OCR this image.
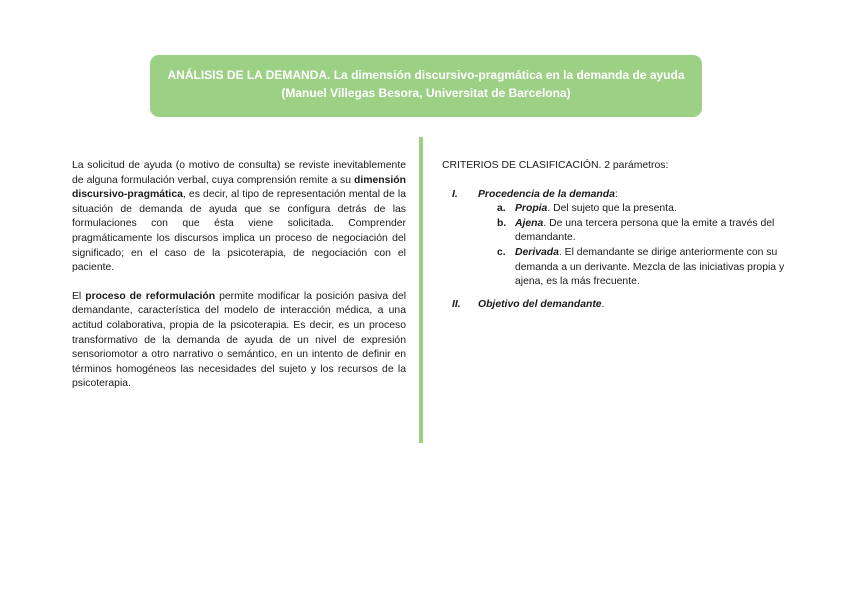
ANÁLISIS DE LA DEMANDA. La dimensión discursivo-pragmática en la demanda de ayuda
(Manuel Villegas Besora, Universitat de Barcelona)

La solicitud de ayuda (o motivo de consulta) se reviste inevitablemente de alguna formulación verbal, cuya comprensión remite a su dimensión discursivo-pragmática, es decir, al tipo de representación mental de la situación de demanda de ayuda que se configura detrás de las formulaciones con que ésta viene solicitada. Comprender pragmáticamente los discursos implica un proceso de negociación del significado; en el caso de la psicoterapia, de negociación con el paciente.

El proceso de reformulación permite modificar la posición pasiva del demandante, característica del modelo de interacción médica, a una actitud colaborativa, propia de la psicoterapia. Es decir, es un proceso transformativo de la demanda de ayuda de un nivel de expresión sensoriomotor a otro narrativo o semántico, en un intento de definir en términos homogéneos las necesidades del sujeto y los recursos de la psicoterapia.

CRITERIOS DE CLASIFICACIÓN. 2 parámetros:
I. Procedencia de la demanda:
a. Propia. Del sujeto que la presenta.
b. Ajena. De una tercera persona que la emite a través del demandante.
c. Derivada. El demandante se dirige anteriormente con su demanda a un derivante. Mezcla de las iniciativas propia y ajena, es la más frecuente.
II. Objetivo del demandante.
